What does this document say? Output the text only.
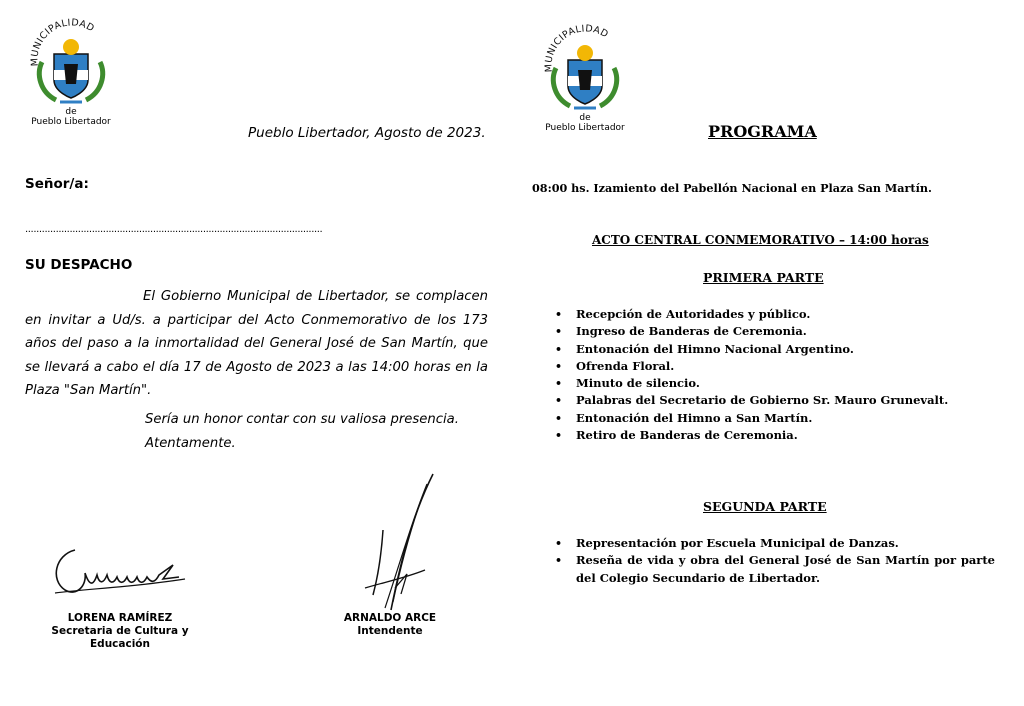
MUNICIPALIDAD
de
Pueblo Libertador
Pueblo Libertador, Agosto de 2023.
Señor/a:
...........................................................................................................
SU DESPACHO
El Gobierno Municipal de Libertador, se complacen en invitar a Ud/s. a participar del Acto Conmemorativo de los 173 años del paso a la inmortalidad del General José de San Martín, que se llevará a cabo el día 17 de Agosto de 2023 a las 14:00 horas en la Plaza "San Martín".
Sería un honor contar con su valiosa presencia.
Atentamente.
LORENA RAMÍREZ
Secretaria de Cultura y Educación
ARNALDO ARCE
Intendente
MUNICIPALIDAD
de
Pueblo Libertador	PROGRAMA
08:00 hs. Izamiento del Pabellón Nacional en Plaza San Martín.
ACTO CENTRAL CONMEMORATIVO – 14:00 horas
PRIMERA PARTE
• Recepción de Autoridades y público.
• Ingreso de Banderas de Ceremonia.
• Entonación del Himno Nacional Argentino.
• Ofrenda Floral.
• Minuto de silencio.
• Palabras del Secretario de Gobierno Sr. Mauro Grunevalt.
• Entonación del Himno a San Martín.
• Retiro de Banderas de Ceremonia.
SEGUNDA PARTE
• Representación por Escuela Municipal de Danzas.
• Reseña de vida y obra del General José de San Martín por parte del Colegio Secundario de Libertador.
